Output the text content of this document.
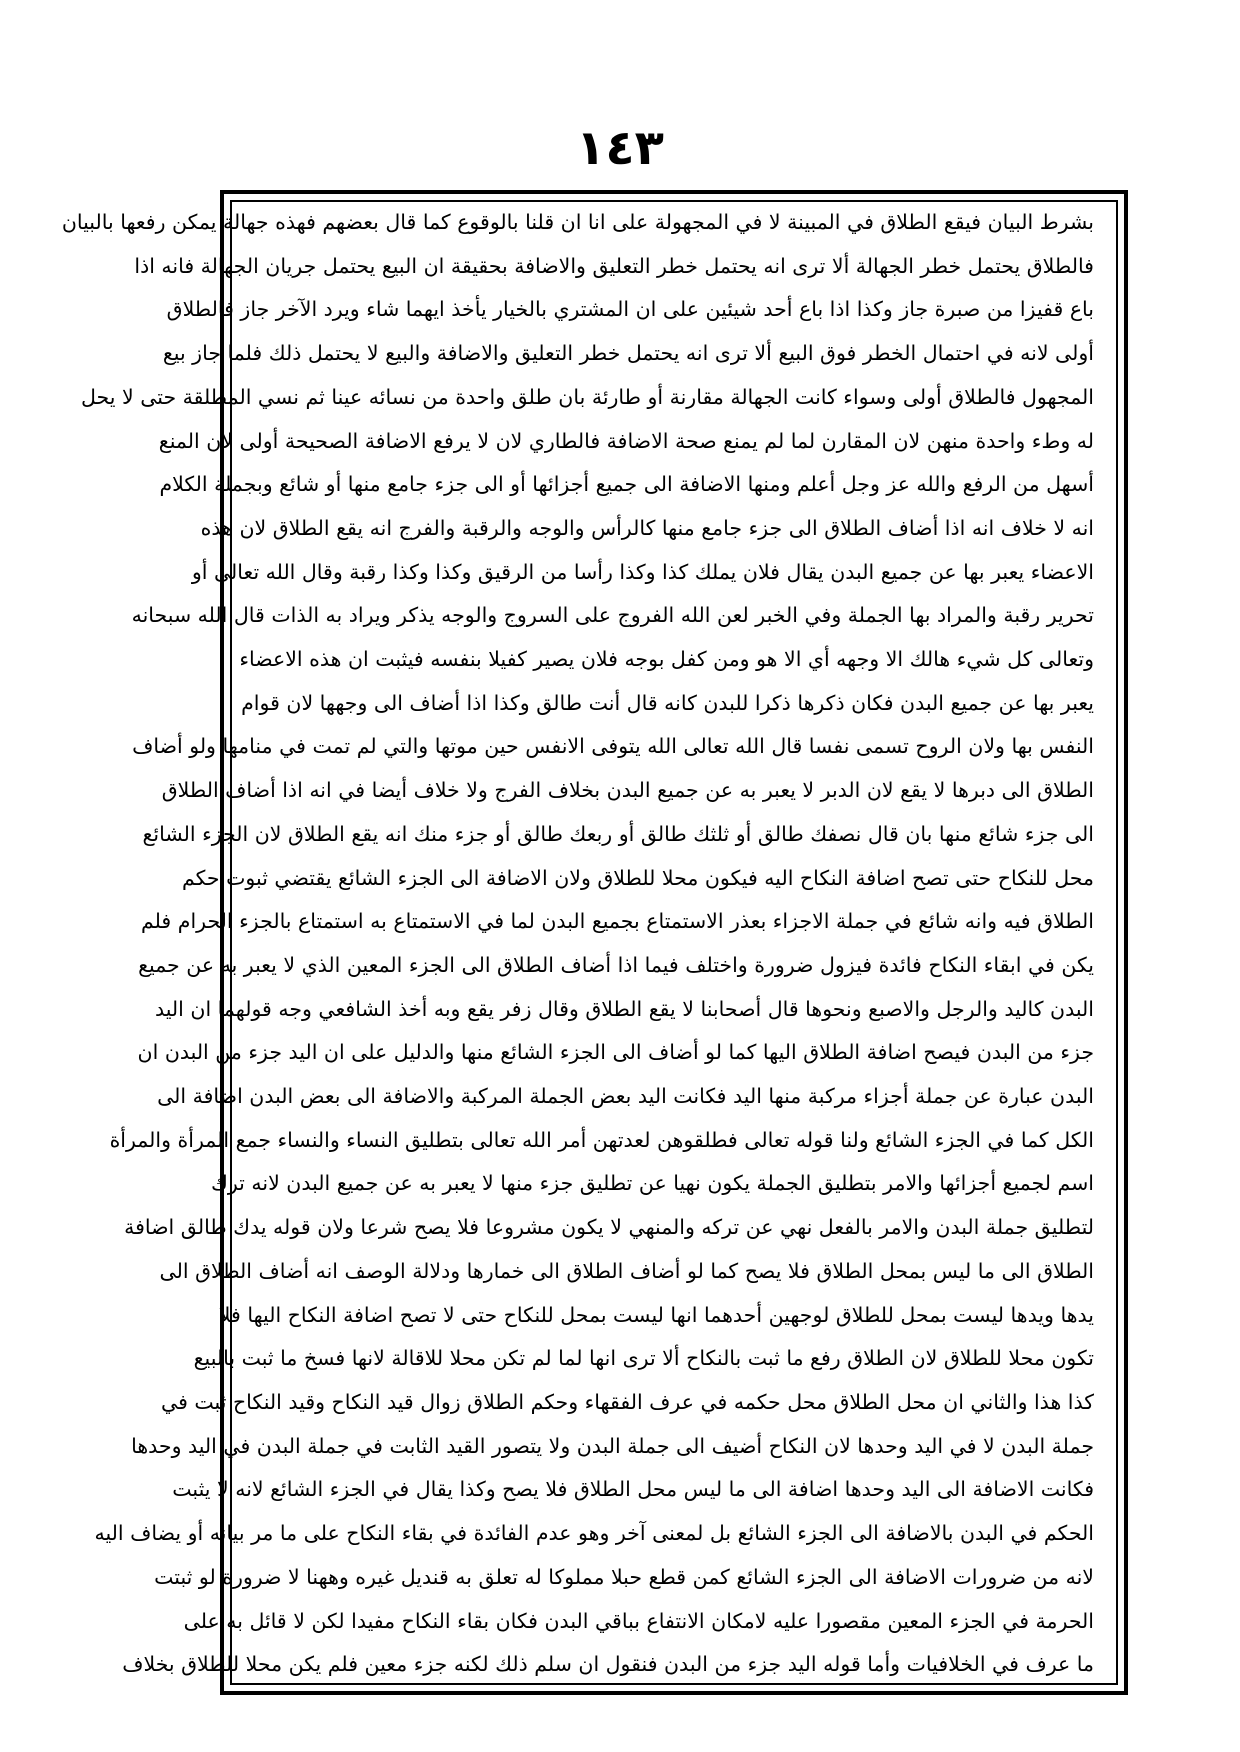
١٤٣
بشرط البيان فيقع الطلاق في المبينة لا في المجهولة على انا ان قلنا بالوقوع كما قال بعضهم فهذه جهالة يمكن رفعها بالبيان
فالطلاق يحتمل خطر الجهالة ألا ترى انه يحتمل خطر التعليق والاضافة بحقيقة ان البيع يحتمل جريان الجهالة فانه اذا
باع قفيزا من صبرة جاز وكذا اذا باع أحد شيئين على ان المشتري بالخيار يأخذ ايهما شاء ويرد الآخر جاز فالطلاق
أولى لانه في احتمال الخطر فوق البيع ألا ترى انه يحتمل خطر التعليق والاضافة والبيع لا يحتمل ذلك فلما جاز بيع
المجهول فالطلاق أولى وسواء كانت الجهالة مقارنة أو طارئة بان طلق واحدة من نسائه عينا ثم نسي المطلقة حتى لا يحل
له وطء واحدة منهن لان المقارن لما لم يمنع صحة الاضافة فالطاري لان لا يرفع الاضافة الصحيحة أولى لان المنع
أسهل من الرفع والله عز وجل أعلم ومنها الاضافة الى جميع أجزائها أو الى جزء جامع منها أو شائع وبجملة الكلام
انه لا خلاف انه اذا أضاف الطلاق الى جزء جامع منها كالرأس والوجه والرقبة والفرج انه يقع الطلاق لان هذه
الاعضاء يعبر بها عن جميع البدن يقال فلان يملك كذا وكذا رأسا من الرقيق وكذا وكذا رقبة وقال الله تعالى أو
تحرير رقبة والمراد بها الجملة وفي الخبر لعن الله الفروج على السروج والوجه يذكر ويراد به الذات قال الله سبحانه
وتعالى كل شيء هالك الا وجهه أي الا هو ومن كفل بوجه فلان يصير كفيلا بنفسه فيثبت ان هذه الاعضاء
يعبر بها عن جميع البدن فكان ذكرها ذكرا للبدن كانه قال أنت طالق وكذا اذا أضاف الى وجهها لان قوام
النفس بها ولان الروح تسمى نفسا قال الله تعالى الله يتوفى الانفس حين موتها والتي لم تمت في منامها ولو أضاف
الطلاق الى دبرها لا يقع لان الدبر لا يعبر به عن جميع البدن بخلاف الفرج ولا خلاف أيضا في انه اذا أضاف الطلاق
الى جزء شائع منها بان قال نصفك طالق أو ثلثك طالق أو ربعك طالق أو جزء منك انه يقع الطلاق لان الجزء الشائع
محل للنكاح حتى تصح اضافة النكاح اليه فيكون محلا للطلاق ولان الاضافة الى الجزء الشائع يقتضي ثبوت حكم
الطلاق فيه وانه شائع في جملة الاجزاء بعذر الاستمتاع بجميع البدن لما في الاستمتاع به استمتاع بالجزء الحرام فلم
يكن في ابقاء النكاح فائدة فيزول ضرورة واختلف فيما اذا أضاف الطلاق الى الجزء المعين الذي لا يعبر به عن جميع
البدن كاليد والرجل والاصبع ونحوها قال أصحابنا لا يقع الطلاق وقال زفر يقع وبه أخذ الشافعي وجه قولهما ان اليد
جزء من البدن فيصح اضافة الطلاق اليها كما لو أضاف الى الجزء الشائع منها والدليل على ان اليد جزء من البدن ان
البدن عبارة عن جملة أجزاء مركبة منها اليد فكانت اليد بعض الجملة المركبة والاضافة الى بعض البدن اضافة الى
الكل كما في الجزء الشائع ولنا قوله تعالى فطلقوهن لعدتهن أمر الله تعالى بتطليق النساء والنساء جمع المرأة والمرأة
اسم لجميع أجزائها والامر بتطليق الجملة يكون نهيا عن تطليق جزء منها لا يعبر به عن جميع البدن لانه ترك
لتطليق جملة البدن والامر بالفعل نهي عن تركه والمنهي لا يكون مشروعا فلا يصح شرعا ولان قوله يدك طالق اضافة
الطلاق الى ما ليس بمحل الطلاق فلا يصح كما لو أضاف الطلاق الى خمارها ودلالة الوصف انه أضاف الطلاق الى
يدها ويدها ليست بمحل للطلاق لوجهين أحدهما انها ليست بمحل للنكاح حتى لا تصح اضافة النكاح اليها فلا
تكون محلا للطلاق لان الطلاق رفع ما ثبت بالنكاح ألا ترى انها لما لم تكن محلا للاقالة لانها فسخ ما ثبت بالبيع
كذا هذا والثاني ان محل الطلاق محل حكمه في عرف الفقهاء وحكم الطلاق زوال قيد النكاح وقيد النكاح ثبت في
جملة البدن لا في اليد وحدها لان النكاح أضيف الى جملة البدن ولا يتصور القيد الثابت في جملة البدن في اليد وحدها
فكانت الاضافة الى اليد وحدها اضافة الى ما ليس محل الطلاق فلا يصح وكذا يقال في الجزء الشائع لانه لا يثبت
الحكم في البدن بالاضافة الى الجزء الشائع بل لمعنى آخر وهو عدم الفائدة في بقاء النكاح على ما مر بيانه أو يضاف اليه
لانه من ضرورات الاضافة الى الجزء الشائع كمن قطع حبلا مملوكا له تعلق به قنديل غيره وههنا لا ضرورة لو ثبتت
الحرمة في الجزء المعين مقصورا عليه لامكان الانتفاع بباقي البدن فكان بقاء النكاح مفيدا لكن لا قائل به على
ما عرف في الخلافيات وأما قوله اليد جزء من البدن فنقول ان سلم ذلك لكنه جزء معين فلم يكن محلا للطلاق بخلاف
